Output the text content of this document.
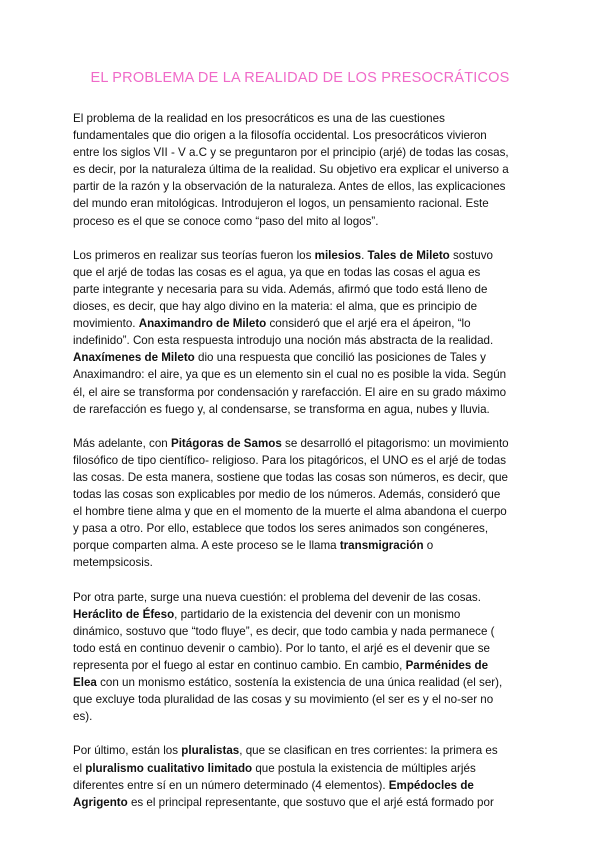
EL PROBLEMA DE LA REALIDAD DE LOS PRESOCRÁTICOS
El problema de la realidad en los presocráticos es una de las cuestiones
fundamentales que dio origen a la filosofía occidental. Los presocráticos vivieron
entre los siglos VII - V a.C y se preguntaron por el principio (arjé) de todas las cosas,
es decir, por la naturaleza última de la realidad. Su objetivo era explicar el universo a
partir de la razón y la observación de la naturaleza. Antes de ellos, las explicaciones
del mundo eran mitológicas. Introdujeron el logos, un pensamiento racional. Este
proceso es el que se conoce como “paso del mito al logos”.
Los primeros en realizar sus teorías fueron los milesios. Tales de Mileto sostuvo
que el arjé de todas las cosas es el agua, ya que en todas las cosas el agua es
parte integrante y necesaria para su vida. Además, afirmó que todo está lleno de
dioses, es decir, que hay algo divino en la materia: el alma, que es principio de
movimiento. Anaximandro de Mileto consideró que el arjé era el ápeiron, “lo
indefinido”. Con esta respuesta introdujo una noción más abstracta de la realidad.
Anaxímenes de Mileto dio una respuesta que concilió las posiciones de Tales y
Anaximandro: el aire, ya que es un elemento sin el cual no es posible la vida. Según
él, el aire se transforma por condensación y rarefacción. El aire en su grado máximo
de rarefacción es fuego y, al condensarse, se transforma en agua, nubes y lluvia.
Más adelante, con Pitágoras de Samos se desarrolló el pitagorismo: un movimiento
filosófico de tipo científico- religioso. Para los pitagóricos, el UNO es el arjé de todas
las cosas. De esta manera, sostiene que todas las cosas son números, es decir, que
todas las cosas son explicables por medio de los números. Además, consideró que
el hombre tiene alma y que en el momento de la muerte el alma abandona el cuerpo
y pasa a otro. Por ello, establece que todos los seres animados son congéneres,
porque comparten alma. A este proceso se le llama transmigración o
metempsicosis.
Por otra parte, surge una nueva cuestión: el problema del devenir de las cosas.
Heráclito de Éfeso, partidario de la existencia del devenir con un monismo
dinámico, sostuvo que “todo fluye”, es decir, que todo cambia y nada permanece (
todo está en continuo devenir o cambio). Por lo tanto, el arjé es el devenir que se
representa por el fuego al estar en continuo cambio. En cambio, Parménides de
Elea con un monismo estático, sostenía la existencia de una única realidad (el ser),
que excluye toda pluralidad de las cosas y su movimiento (el ser es y el no-ser no
es).
Por último, están los pluralistas, que se clasifican en tres corrientes: la primera es
el pluralismo cualitativo limitado que postula la existencia de múltiples arjés
diferentes entre sí en un número determinado (4 elementos). Empédocles de
Agrigento es el principal representante, que sostuvo que el arjé está formado por
